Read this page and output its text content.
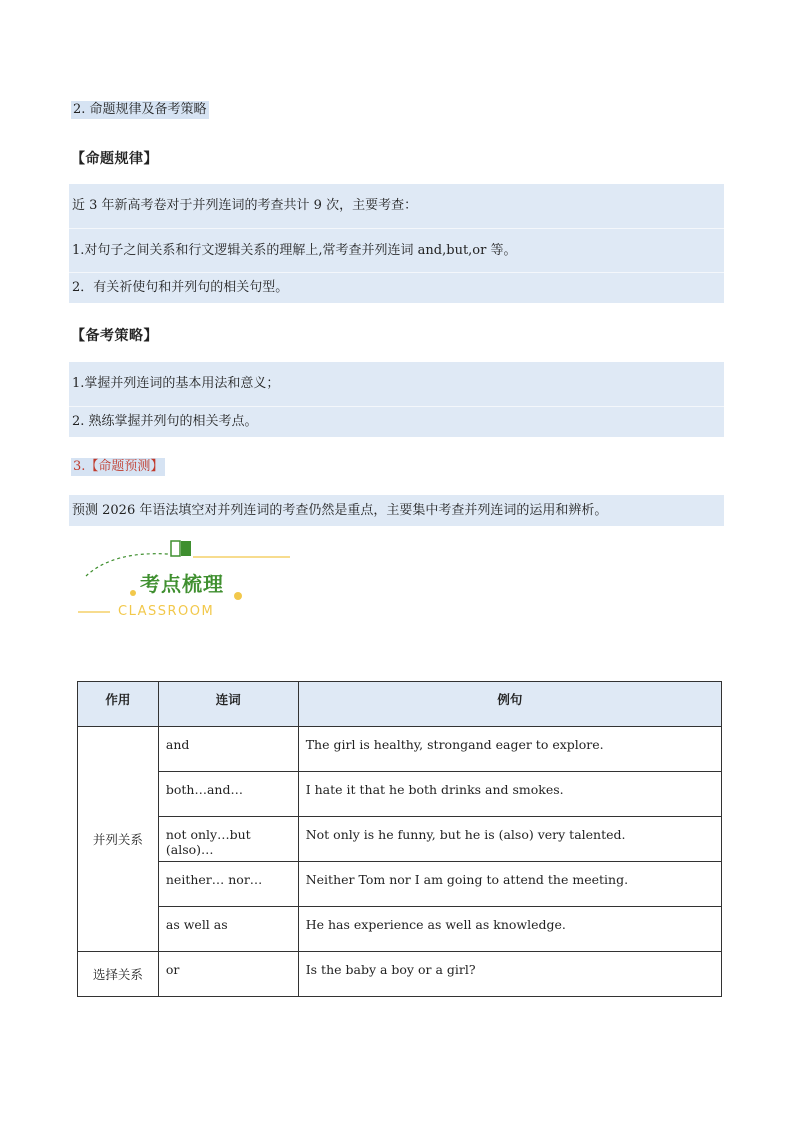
2. 命题规律及备考策略
【命题规律】
近 3 年新高考卷对于并列连词的考查共计 9 次，主要考查：
1.对句子之间关系和行文逻辑关系的理解上,常考查并列连词 and,but,or 等。
2．有关祈使句和并列句的相关句型。
【备考策略】
1.掌握并列连词的基本用法和意义；
2. 熟练掌握并列句的相关考点。
3.【命题预测】
预测 2026 年语法填空对并列连词的考查仍然是重点，主要集中考查并列连词的运用和辨析。
考点梳理
CLASSROOM
作用	连词	例句
并列关系	and	The girl is healthy, strongand eager to explore.
	both…and…	I hate it that he both drinks and smokes.
	not only…but (also)…	Not only is he funny, but he is (also) very talented.
	neither… nor…	Neither Tom nor I am going to attend the meeting.
	as well as	He has experience as well as knowledge.
选择关系	or	Is the baby a boy or a girl?
